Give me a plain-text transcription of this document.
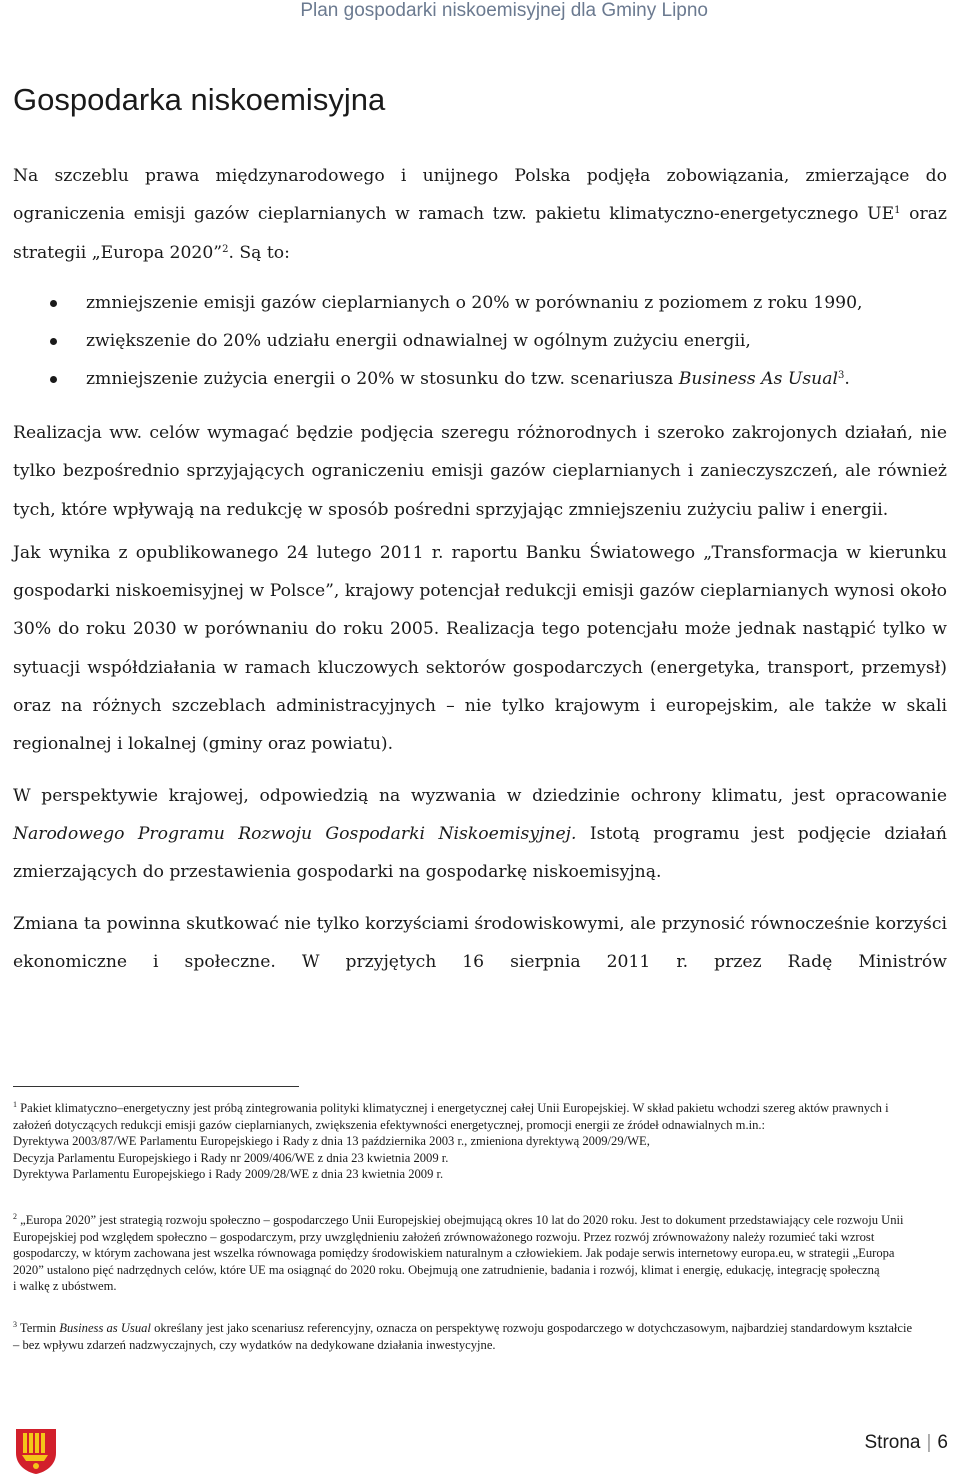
Plan gospodarki niskoemisyjnej dla Gminy Lipno
Gospodarka niskoemisyjna

Na szczeblu prawa międzynarodowego i unijnego Polska podjęła zobowiązania, zmierzające do ograniczenia emisji gazów cieplarnianych w ramach tzw. pakietu klimatyczno-energetycznego $UE^1$ oraz strategii „Europa 2020”$^2$. Są to:

zmniejszenie emisji gazów cieplarnianych o 20% w porównaniu z poziomem z roku 1990,
zwiększenie do 20% udziału energii odnawialnej w ogólnym zużyciu energii,
zmniejszenie zużycia energii o 20% w stosunku do tzw. scenariusza Business As Usual$^3$.

Realizacja ww. celów wymagać będzie podjęcia szeregu różnorodnych i szeroko zakrojonych działań, nie tylko bezpośrednio sprzyjających ograniczeniu emisji gazów cieplarnianych i zanieczyszczeń, ale również tych, które wpływają na redukcję w sposób pośredni sprzyjając zmniejszeniu zużyciu paliw i energii.

Jak wynika z opublikowanego 24 lutego 2011 r. raportu Banku Światowego „Transformacja w kierunku gospodarki niskoemisyjnej w Polsce”, krajowy potencjał redukcji emisji gazów cieplarnianych wynosi około 30% do roku 2030 w porównaniu do roku 2005. Realizacja tego potencjału może jednak nastąpić tylko w sytuacji współdziałania w ramach kluczowych sektorów gospodarczych (energetyka, transport, przemysł) oraz na różnych szczeblach administracyjnych – nie tylko krajowym i europejskim, ale także w skali regionalnej i lokalnej (gminy oraz powiatu).

W perspektywie krajowej, odpowiedzią na wyzwania w dziedzinie ochrony klimatu, jest opracowanie Narodowego Programu Rozwoju Gospodarki Niskoemisyjnej. Istotą programu jest podjęcie działań zmierzających do przestawienia gospodarki na gospodarkę niskoemisyjną.

Zmiana ta powinna skutkować nie tylko korzyściami środowiskowymi, ale przynosić równocześnie korzyści ekonomiczne i społeczne. W przyjętych 16 sierpnia 2011 r. przez Radę Ministrów

$^1$ Pakiet klimatyczno–energetyczny jest próbą zintegrowania polityki klimatycznej i energetycznej całej Unii Europejskiej. W skład pakietu wchodzi szereg aktów prawnych i założeń dotyczących redukcji emisji gazów cieplarnianych, zwiększenia efektywności energetycznej, promocji energii ze źródeł odnawialnych m.in.:

Dyrektywa 2003/87/WE Parlamentu Europejskiego i Rady z dnia 13 października 2003 r., zmieniona dyrektywą 2009/29/WE,

Decyzja Parlamentu Europejskiego i Rady nr 2009/406/WE z dnia 23 kwietnia 2009 r.

Dyrektywa Parlamentu Europejskiego i Rady 2009/28/WE z dnia 23 kwietnia 2009 r.

$^2$ „Europa 2020” jest strategią rozwoju społeczno – gospodarczego Unii Europejskiej obejmującą okres 10 lat do 2020 roku. Jest to dokument przedstawiający cele rozwoju Unii Europejskiej pod względem społeczno – gospodarczym, przy uwzględnieniu założeń zrównoważonego rozwoju. Przez rozwój zrównoważony należy rozumieć taki wzrost gospodarczy, w którym zachowana jest wszelka równowaga pomiędzy środowiskiem naturalnym a człowiekiem. Jak podaje serwis internetowy europa.eu, w strategii „Europa 2020” ustalono pięć nadrzędnych celów, które UE ma osiągnąć do 2020 roku. Obejmują one zatrudnienie, badania i rozwój, klimat i energię, edukację, integrację społeczną

i walkę z ubóstwem.

$^3$ Termin Business as Usual określany jest jako scenariusz referencyjny, oznacza on perspektywę rozwoju gospodarczego w dotychczasowym, najbardziej standardowym kształcie – bez wpływu zdarzeń nadzwyczajnych, czy wydatków na dedykowane działania inwestycyjne.

Strona | 6
